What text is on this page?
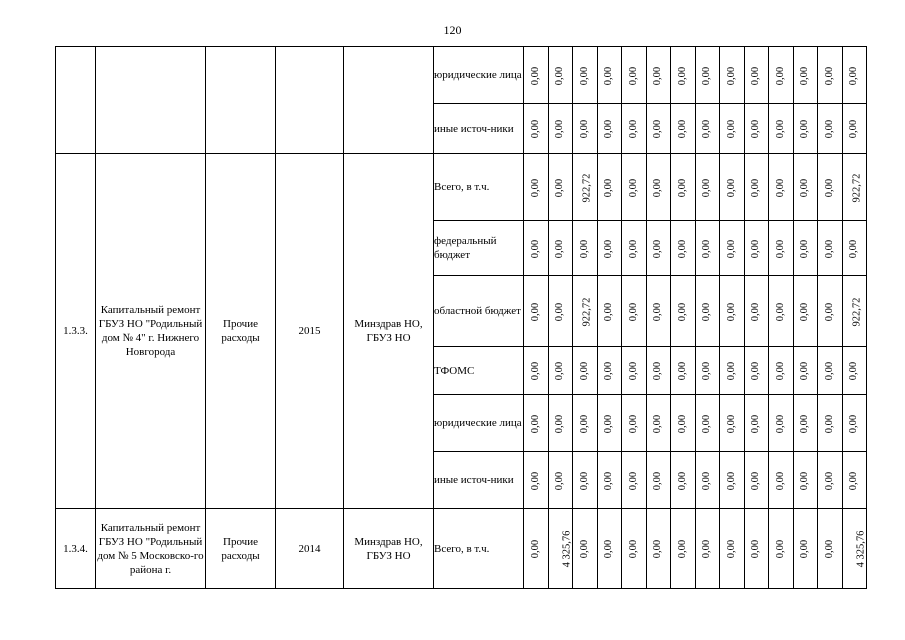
120
					юридические лица	0,00	0,00	0,00	0,00	0,00	0,00	0,00	0,00	0,00	0,00	0,00	0,00	0,00	0,00
					иные источ-ники	0,00	0,00	0,00	0,00	0,00	0,00	0,00	0,00	0,00	0,00	0,00	0,00	0,00	0,00
1.3.3.	Капитальный ремонт ГБУЗ НО "Родильный дом № 4" г. Нижнего Новгорода	Прочие расходы	2015	Минздрав НО, ГБУЗ НО	Всего, в т.ч.	0,00	0,00	922,72	0,00	0,00	0,00	0,00	0,00	0,00	0,00	0,00	0,00	0,00	922,72
					федеральный бюджет	0,00	0,00	0,00	0,00	0,00	0,00	0,00	0,00	0,00	0,00	0,00	0,00	0,00	0,00
					областной бюджет	0,00	0,00	922,72	0,00	0,00	0,00	0,00	0,00	0,00	0,00	0,00	0,00	0,00	922,72
					ТФОМС	0,00	0,00	0,00	0,00	0,00	0,00	0,00	0,00	0,00	0,00	0,00	0,00	0,00	0,00
					юридические лица	0,00	0,00	0,00	0,00	0,00	0,00	0,00	0,00	0,00	0,00	0,00	0,00	0,00	0,00
					иные источ-ники	0,00	0,00	0,00	0,00	0,00	0,00	0,00	0,00	0,00	0,00	0,00	0,00	0,00	0,00
1.3.4.	Капитальный ремонт ГБУЗ НО "Родильный дом № 5 Московско-го района г.	Прочие расходы	2014	Минздрав НО, ГБУЗ НО	Всего, в т.ч.	0,00	4 325,76	0,00	0,00	0,00	0,00	0,00	0,00	0,00	0,00	0,00	0,00	0,00	4 325,76
